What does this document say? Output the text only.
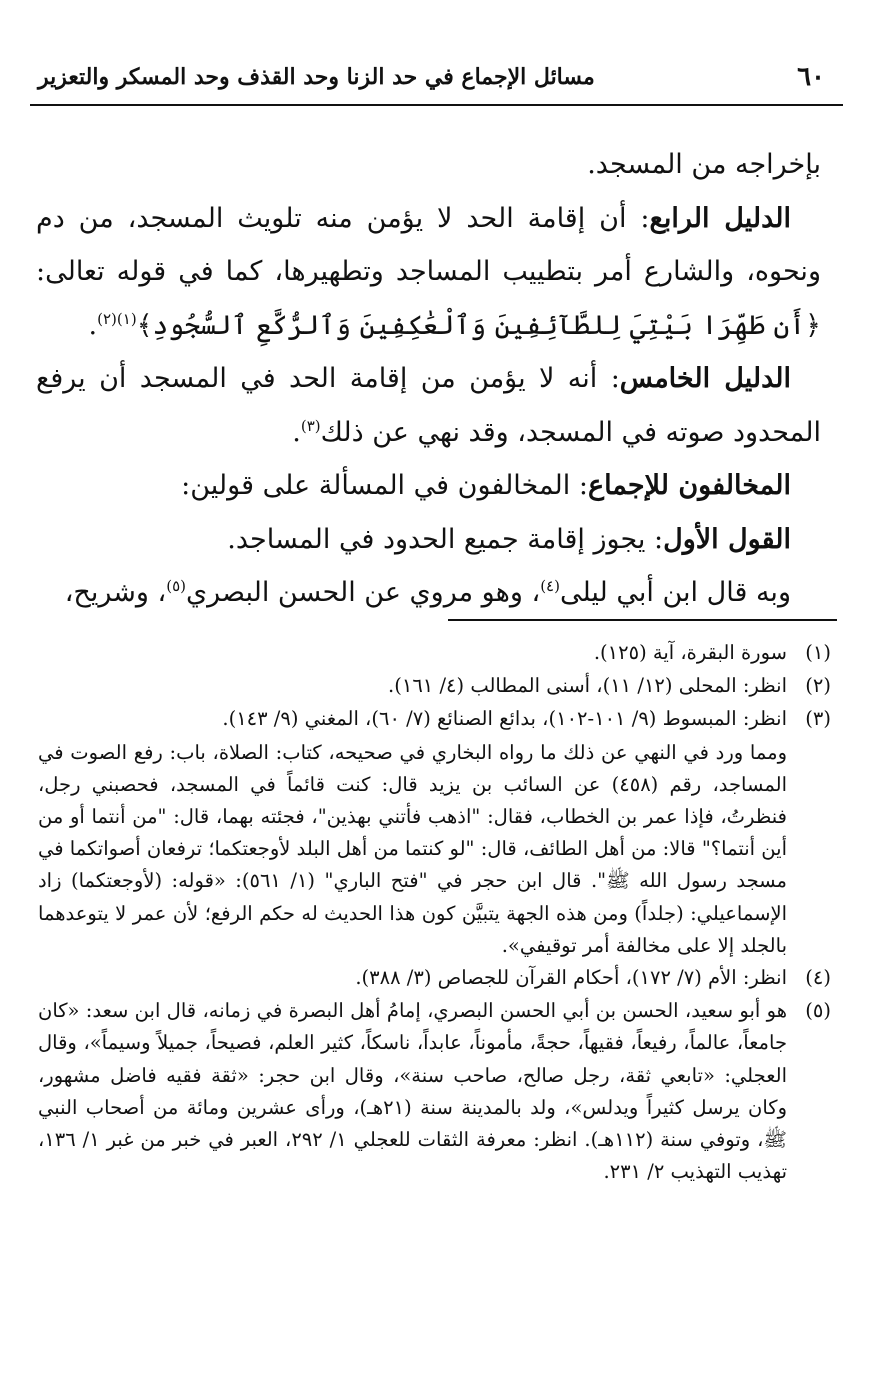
٦٠
مسائل الإجماع في حد الزنا وحد القذف وحد المسكر والتعزير

بإخراجه من المسجد.

الدليل الرابع: أن إقامة الحد لا يؤمن منه تلويث المسجد، من دم ونحوه، والشارع أمر بتطييب المساجد وتطهيرها، كما في قوله تعالى: ﴿أَن طَهِّرَا بَيْتِيَ لِلطَّآئِفِينَ وَٱلْعَٰكِفِينَ وَٱلرُّكَّعِ ٱلسُّجُودِ﴾$^{(١)(٢)}$.

الدليل الخامس: أنه لا يؤمن من إقامة الحد في المسجد أن يرفع المحدود صوته في المسجد، وقد نهي عن ذلك$^{(٣)}$.

المخالفون للإجماع: المخالفون في المسألة على قولين:

القول الأول: يجوز إقامة جميع الحدود في المساجد.

وبه قال ابن أبي ليلى$^{(٤)}$، وهو مروي عن الحسن البصري$^{(٥)}$، وشريح،

(١)
سورة البقرة، آية (١٢٥).
(٢)
انظر: المحلى (١٢/ ١١)، أسنى المطالب (٤/ ١٦١).
(٣)
انظر: المبسوط (٩/ ١٠١-١٠٢)، بدائع الصنائع (٧/ ٦٠)، المغني (٩/ ١٤٣).
ومما ورد في النهي عن ذلك ما رواه البخاري في صحيحه، كتاب: الصلاة، باب: رفع الصوت في المساجد، رقم (٤٥٨) عن السائب بن يزيد قال: كنت قائماً في المسجد، فحصبني رجل، فنظرتُ، فإذا عمر بن الخطاب، فقال: "اذهب فأتني بهذين"، فجئته بهما، قال: "من أنتما أو من أين أنتما؟" قالا: من أهل الطائف، قال: "لو كنتما من أهل البلد لأوجعتكما؛ ترفعان أصواتكما في مسجد رسول الله ﷺ". قال ابن حجر في "فتح الباري" (١/ ٥٦١): «قوله: (لأوجعتكما) زاد الإسماعيلي: (جلداً) ومن هذه الجهة يتبيَّن كون هذا الحديث له حكم الرفع؛ لأن عمر لا يتوعدهما بالجلد إلا على مخالفة أمر توقيفي».
(٤)
انظر: الأم (٧/ ١٧٢)، أحكام القرآن للجصاص (٣/ ٣٨٨).
(٥)
هو أبو سعيد، الحسن بن أبي الحسن البصري، إمامُ أهل البصرة في زمانه، قال ابن سعد: «كان جامعاً، عالماً، رفيعاً، فقيهاً، حجةً، مأموناً، عابداً، ناسكاً، كثير العلم، فصيحاً، جميلاً وسيماً»، وقال العجلي: «تابعي ثقة، رجل صالح، صاحب سنة»، وقال ابن حجر: «ثقة فقيه فاضل مشهور، وكان يرسل كثيراً ويدلس»، ولد بالمدينة سنة (٢١هـ)، ورأى عشرين ومائة من أصحاب النبي ﷺ، وتوفي سنة (١١٢هـ). انظر: معرفة الثقات للعجلي ١/ ٢٩٢، العبر في خبر من غبر ١/ ١٣٦، تهذيب التهذيب ٢/ ٢٣١.
